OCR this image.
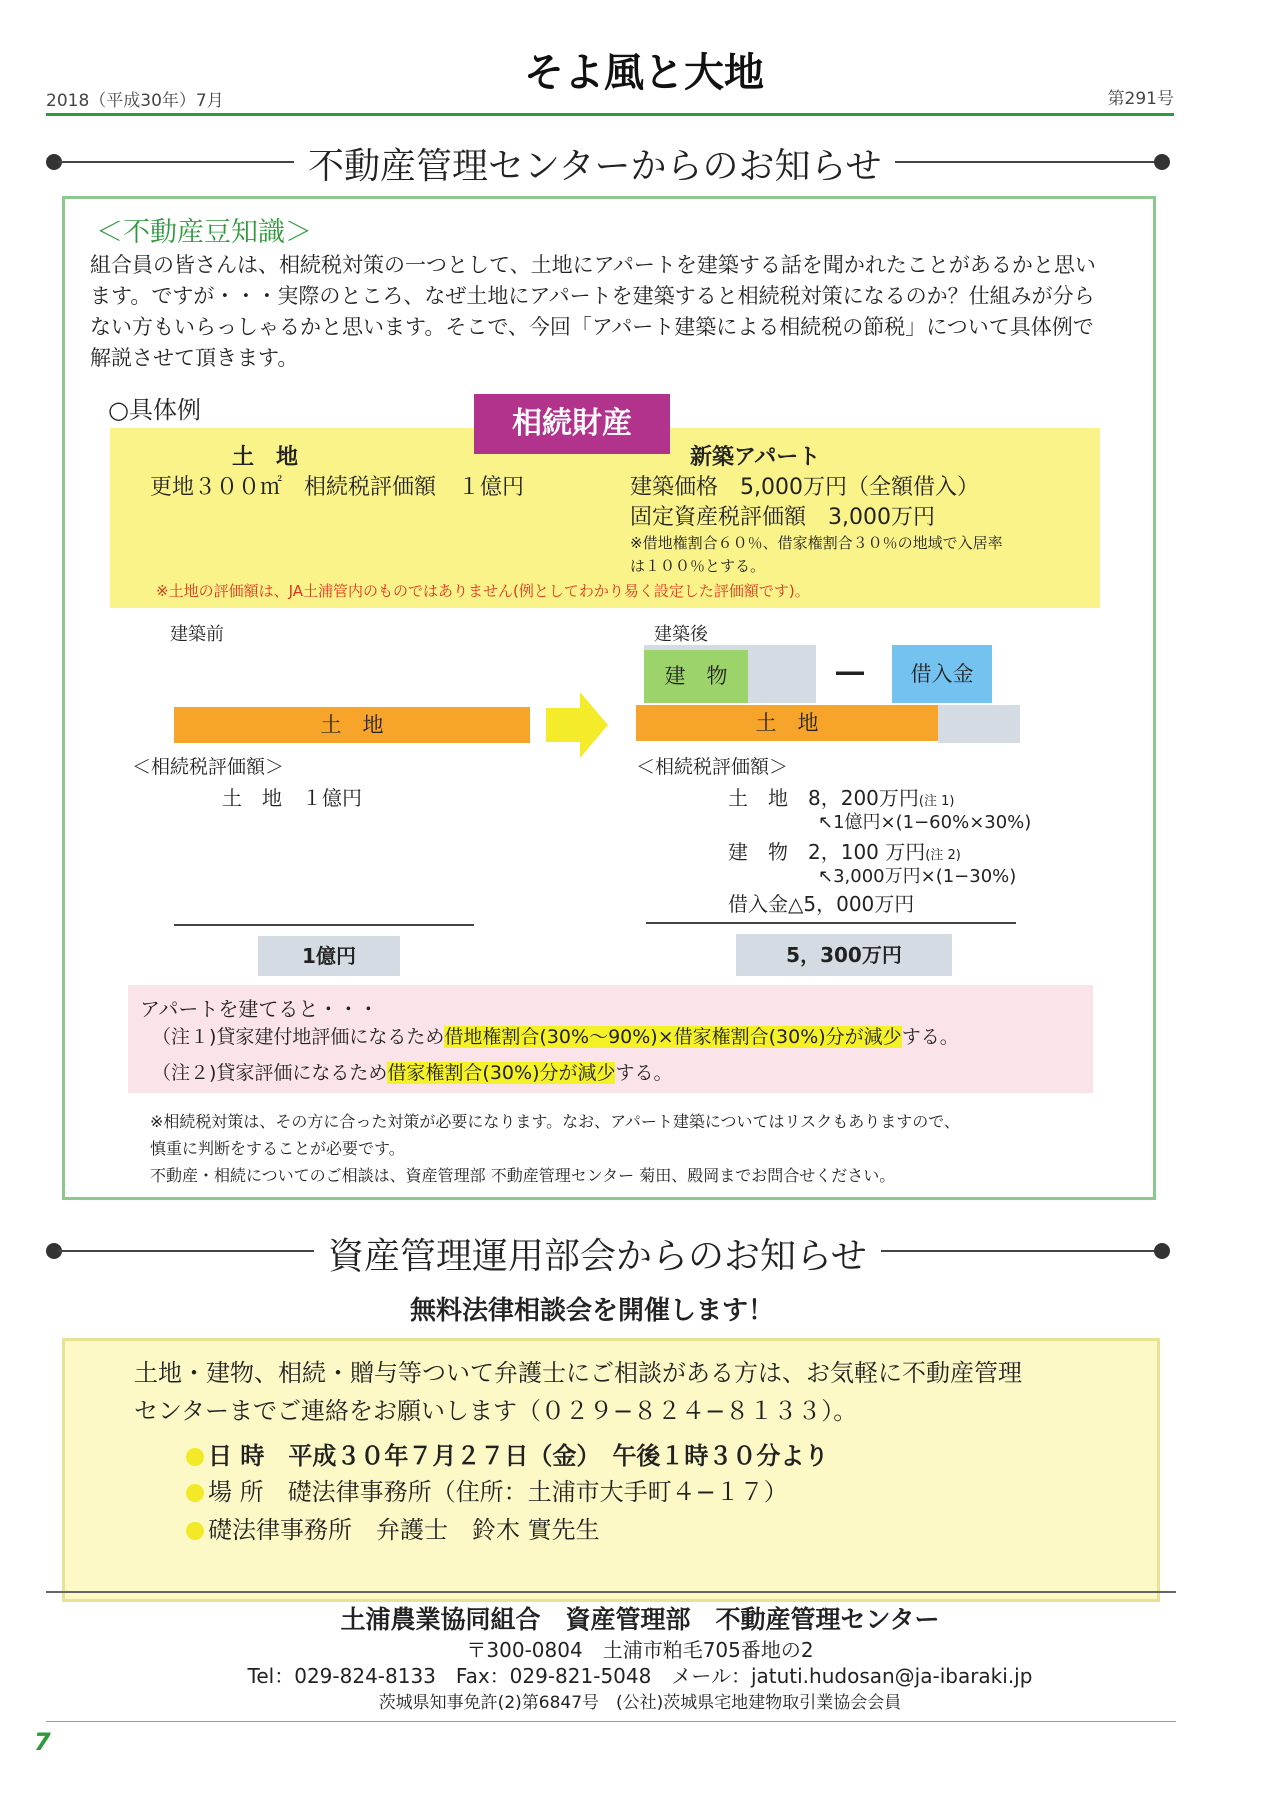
2018（平成30年）7月
そよ風と大地
第291号
不動産管理センターからのお知らせ
＜不動産豆知識＞
組合員の皆さんは、相続税対策の一つとして、土地にアパートを建築する話を聞かれたことがあるかと思い
ます。ですが・・・実際のところ、なぜ土地にアパートを建築すると相続税対策になるのか？仕組みが分ら
ない方もいらっしゃるかと思います。そこで、今回「アパート建築による相続税の節税」について具体例で
解説させて頂きます。
○具体例	相続財産
土　地
更地３００㎡　相続税評価額　１億円
新築アパート
建築価格　5,000万円（全額借入）
固定資産税評価額　3,000万円
※借地権割合６０％、借家権割合３０％の地域で入居率
は１００％とする。
※土地の評価額は、JA土浦管内のものではありません(例としてわかり易く設定した評価額です)。
建築前
土　地
＜相続税評価額＞
土　地　１億円
1億円
建築後
建　物	―	借入金
土　地
＜相続税評価額＞
土　地　8，200万円(注 1)
↖1億円×(1−60%×30%)
建　物　2，100 万円(注 2)
↖3,000万円×(1−30%)
借入金△5，000万円
5，300万円
アパートを建てると・・・
（注１)貸家建付地評価になるため借地権割合(30%〜90%)×借家権割合(30%)分が減少する。
（注２)貸家評価になるため借家権割合(30%)分が減少する。
※相続税対策は、その方に合った対策が必要になります。なお、アパート建築についてはリスクもありますので、
慎重に判断をすることが必要です。
不動産・相続についてのご相談は、資産管理部 不動産管理センター 菊田、殿岡までお問合せください。
資産管理運用部会からのお知らせ
無料法律相談会を開催します！
土地・建物、相続・贈与等ついて弁護士にご相談がある方は、お気軽に不動産管理
センターまでご連絡をお願いします（０２９−８２４−８１３３）。
日 時　平成３０年７月２７日（金）　午後１時３０分より
場 所　礎法律事務所（住所：土浦市大手町４−１７）
礎法律事務所　弁護士　鈴木 實先生
土浦農業協同組合　資産管理部　不動産管理センター
〒300-0804　土浦市粕毛705番地の2
Tel：029-824-8133　Fax：029-821-5048　メール：jatuti.hudosan@ja-ibaraki.jp
茨城県知事免許(2)第6847号　(公社)茨城県宅地建物取引業協会会員
7
